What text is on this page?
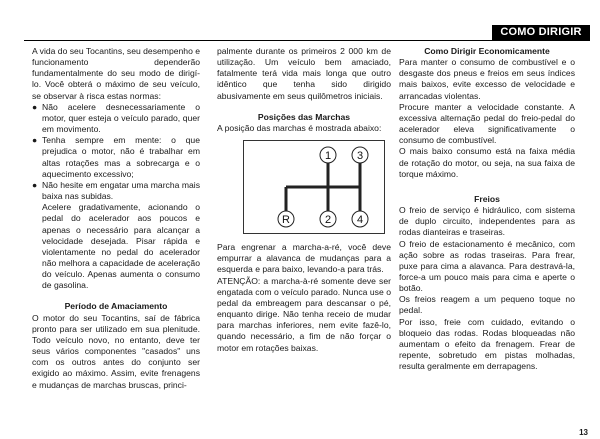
COMO DIRIGIR

A vida do seu Tocantins, seu desempenho e funcionamento dependerão fundamentalmente do seu modo de dirigí-lo. Você obterá o máximo de seu veículo, se observar à risca estas normas:

● Não acelere desnecessariamente o motor, quer esteja o veículo parado, quer em movimento.
● Tenha sempre em mente: o que prejudica o motor, não é trabalhar em altas rotações mas a sobrecarga e o aquecimento excessivo;
● Não hesite em engatar uma marcha mais baixa nas subidas.

Acelere gradativamente, acionando o pedal do acelerador aos poucos e apenas o necessário para alcançar a velocidade desejada. Pisar rápida e violentamente no pedal do acelerador não melhora a capacidade de aceleração do veículo. Apenas aumenta o consumo de gasolina.

Período de Amaciamento

O motor do seu Tocantins, saí de fábrica pronto para ser utilizado em sua plenitude. Todo veículo novo, no entanto, deve ter seus vários componentes "casados" uns com os outros antes do conjunto ser exigido ao máximo. Assim, evite frenagens e mudanças de marchas bruscas, princi-

palmente durante os primeiros 2 000 km de utilização. Um veículo bem amaciado, fatalmente terá vida mais longa que outro idêntico que tenha sido dirigido abusivamente em seus quilômetros iniciais.

Posições das Marchas

A posição das marchas é mostrada abaixo:

1 3
R	2 4

Para engrenar a marcha-a-ré, você deve empurrar a alavanca de mudanças para a esquerda e para baixo, levando-a para trás.

ATENÇÃO: a marcha-à-ré somente deve ser engatada com o veículo parado. Nunca use o pedal da embreagem para descansar o pé, enquanto dirige. Não tenha receio de mudar para marchas inferiores, nem evite fazê-lo, quando necessário, a fim de não forçar o motor em rotações baixas.

Como Dirigir Economicamente

Para manter o consumo de combustível e o desgaste dos pneus e freios em seus índices mais baixos, evite excesso de velocidade e arrancadas violentas.

Procure manter a velocidade constante. A excessiva alternação pedal do freio-pedal do acelerador eleva significativamente o consumo de combustível.

O mais baixo consumo está na faixa média de rotação do motor, ou seja, na sua faixa de torque máximo.

Freios

O freio de serviço é hidráulico, com sistema de duplo circuito, independentes para as rodas dianteiras e traseiras.

O freio de estacionamento é mecânico, com ação sobre as rodas traseiras. Para frear, puxe para cima a alavanca. Para destravá-la, force-a um pouco mais para cima e aperte o botão.

Os freios reagem a um pequeno toque no pedal.

Por isso, freie com cuidado, evitando o bloqueio das rodas. Rodas bloqueadas não aumentam o efeito da frenagem. Frear de repente, sobretudo em pistas molhadas, resulta geralmente em derrapagens.

13
